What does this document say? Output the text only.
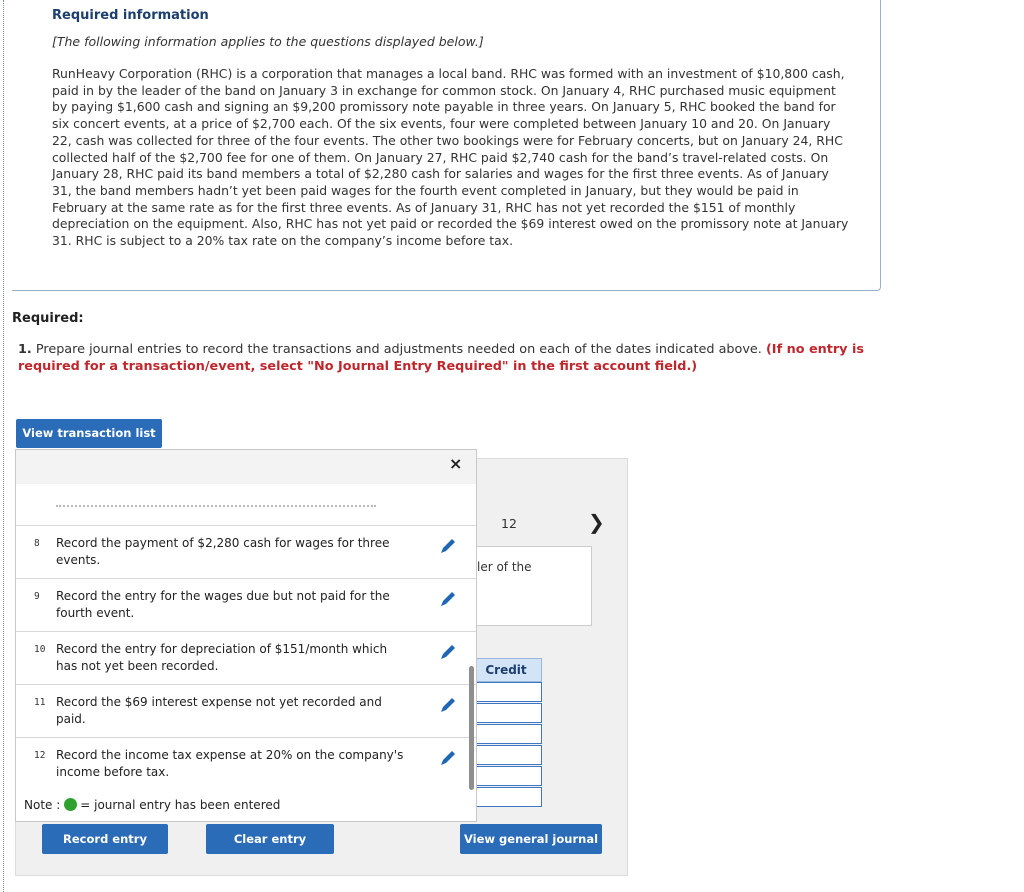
Required information
[The following information applies to the questions displayed below.]
RunHeavy Corporation (RHC) is a corporation that manages a local band. RHC was formed with an investment of $10,800 cash, paid in by the leader of the band on January 3 in exchange for common stock. On January 4, RHC purchased music equipment by paying $1,600 cash and signing an $9,200 promissory note payable in three years. On January 5, RHC booked the band for six concert events, at a price of $2,700 each. Of the six events, four were completed between January 10 and 20. On January 22, cash was collected for three of the four events. The other two bookings were for February concerts, but on January 24, RHC collected half of the $2,700 fee for one of them. On January 27, RHC paid $2,740 cash for the band’s travel-related costs. On January 28, RHC paid its band members a total of $2,280 cash for salaries and wages for the first three events. As of January 31, the band members hadn’t yet been paid wages for the fourth event completed in January, but they would be paid in February at the same rate as for the first three events. As of January 31, RHC has not yet recorded the $151 of monthly depreciation on the equipment. Also, RHC has not yet paid or recorded the $69 interest owed on the promissory note at January 31. RHC is subject to a 20% tax rate on the company’s income before tax.
Required:
1. Prepare journal entries to record the transactions and adjustments needed on each of the dates indicated above. (If no entry is required for a transaction/event, select "No Journal Entry Required" in the first account field.)
View transaction list
12	❯
ler of the
Credit
View general journal
×
8 Record the payment of $2,280 cash for wages for three events.
9 Record the entry for the wages due but not paid for the fourth event.
10 Record the entry for depreciation of $151/month which has not yet been recorded.
11 Record the $69 interest expense not yet recorded and paid.
12 Record the income tax expense at 20% on the company's income before tax.
Note : = journal entry has been entered
Record entry	Clear entry
